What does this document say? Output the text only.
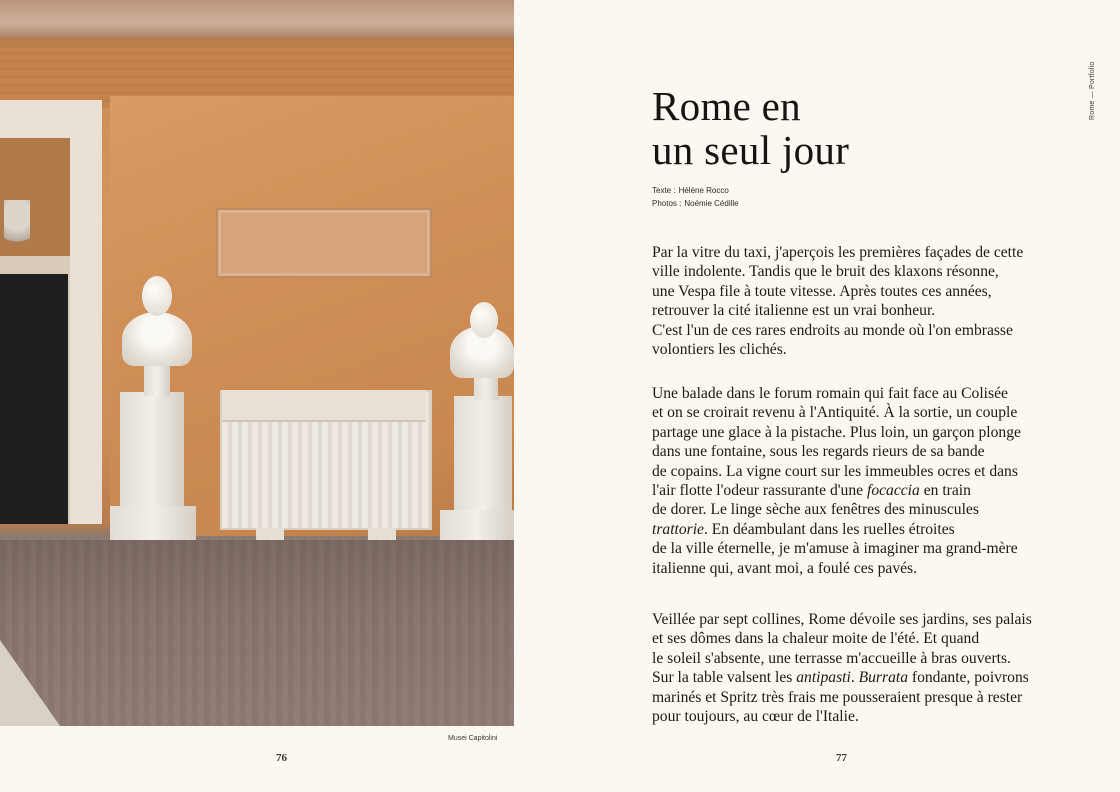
Musei Capitolini
76
Rome — Portfolio
Rome en
un seul jour
Texte : Hélène Rocco
Photos : Noémie Cédille

Par la vitre du taxi, j'aperçois les premières façades de cette
ville indolente. Tandis que le bruit des klaxons résonne,
une Vespa file à toute vitesse. Après toutes ces années,
retrouver la cité italienne est un vrai bonheur.
C'est l'un de ces rares endroits au monde où l'on embrasse
volontiers les clichés.

Une balade dans le forum romain qui fait face au Colisée
et on se croirait revenu à l'Antiquité. À la sortie, un couple
partage une glace à la pistache. Plus loin, un garçon plonge
dans une fontaine, sous les regards rieurs de sa bande
de copains. La vigne court sur les immeubles ocres et dans
l'air flotte l'odeur rassurante d'une focaccia en train
de dorer. Le linge sèche aux fenêtres des minuscules
trattorie. En déambulant dans les ruelles étroites
de la ville éternelle, je m'amuse à imaginer ma grand-mère
italienne qui, avant moi, a foulé ces pavés.

Veillée par sept collines, Rome dévoile ses jardins, ses palais
et ses dômes dans la chaleur moite de l'été. Et quand
le soleil s'absente, une terrasse m'accueille à bras ouverts.
Sur la table valsent les antipasti. Burrata fondante, poivrons
marinés et Spritz très frais me pousseraient presque à rester
pour toujours, au cœur de l'Italie.

77
